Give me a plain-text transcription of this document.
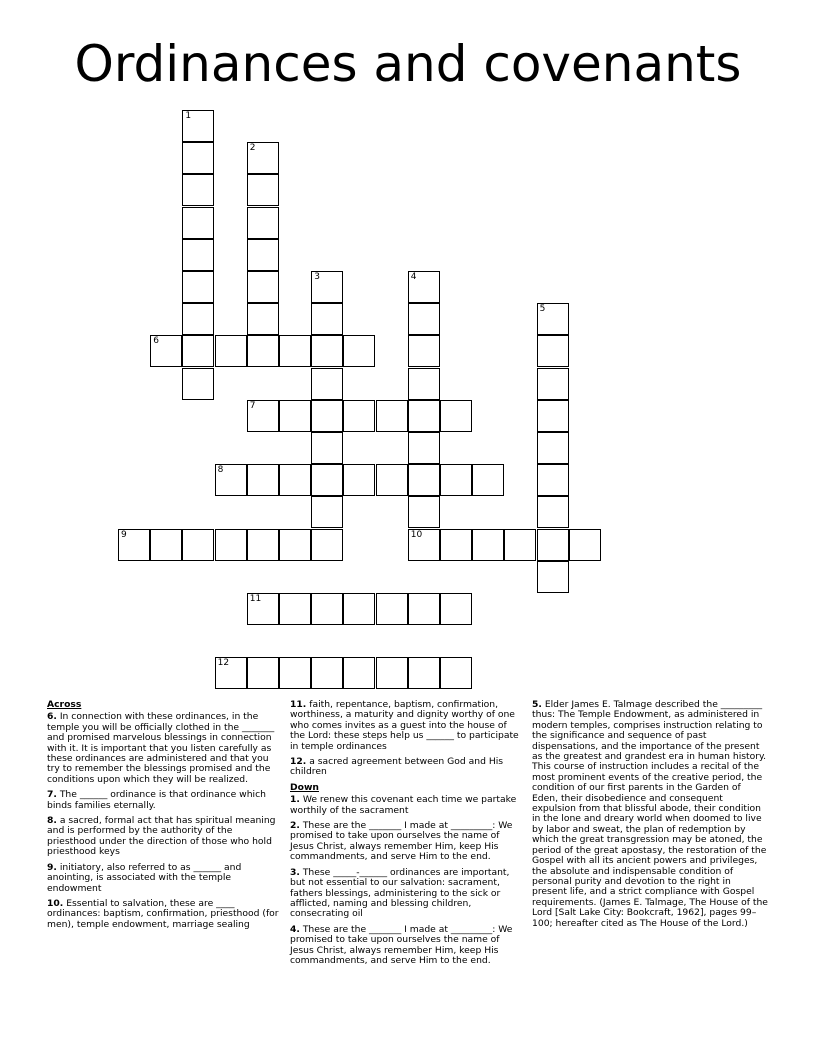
Ordinances and covenants
1
2
3	4
10
5
6
7
8
9
11
12
Across
6. In connection with these ordinances, in the temple you will be officially clothed in the _______ and promised marvelous blessings in connection with it. It is important that you listen carefully as these ordinances are administered and that you try to remember the blessings promised and the conditions upon which they will be realized.
7. The ______ ordinance is that ordinance which binds families eternally.
8. a sacred, formal act that has spiritual meaning and is performed by the authority of the priesthood under the direction of those who hold priesthood keys
9. initiatory, also referred to as ______ and anointing, is associated with the temple endowment
10. Essential to salvation, these are ____ ordinances: baptism, confirmation, priesthood (for men), temple endowment, marriage sealing
11. faith, repentance, baptism, confirmation, worthiness, a maturity and dignity worthy of one who comes invites as a guest into the house of the Lord: these steps help us ______ to participate in temple ordinances
12. a sacred agreement between God and His children
Down
1. We renew this covenant each time we partake worthily of the sacrament
2. These are the _______ I made at _________: We promised to take upon ourselves the name of Jesus Christ, always remember Him, keep His commandments, and serve Him to the end.
3. These _____-______ ordinances are important, but not essential to our salvation: sacrament, fathers blessings, administering to the sick or afflicted, naming and blessing children, consecrating oil
4. These are the _______ I made at _________: We promised to take upon ourselves the name of Jesus Christ, always remember Him, keep His commandments, and serve Him to the end.
5. Elder James E. Talmage described the _________ thus: The Temple Endowment, as administered in modern temples, comprises instruction relating to the significance and sequence of past dispensations, and the importance of the present as the greatest and grandest era in human history. This course of instruction includes a recital of the most prominent events of the creative period, the condition of our first parents in the Garden of Eden, their disobedience and consequent expulsion from that blissful abode, their condition in the lone and dreary world when doomed to live by labor and sweat, the plan of redemption by which the great transgression may be atoned, the period of the great apostasy, the restoration of the Gospel with all its ancient powers and privileges, the absolute and indispensable condition of personal purity and devotion to the right in present life, and a strict compliance with Gospel requirements. (James E. Talmage, The House of the Lord [Salt Lake City: Bookcraft, 1962], pages 99–100; hereafter cited as The House of the Lord.)
